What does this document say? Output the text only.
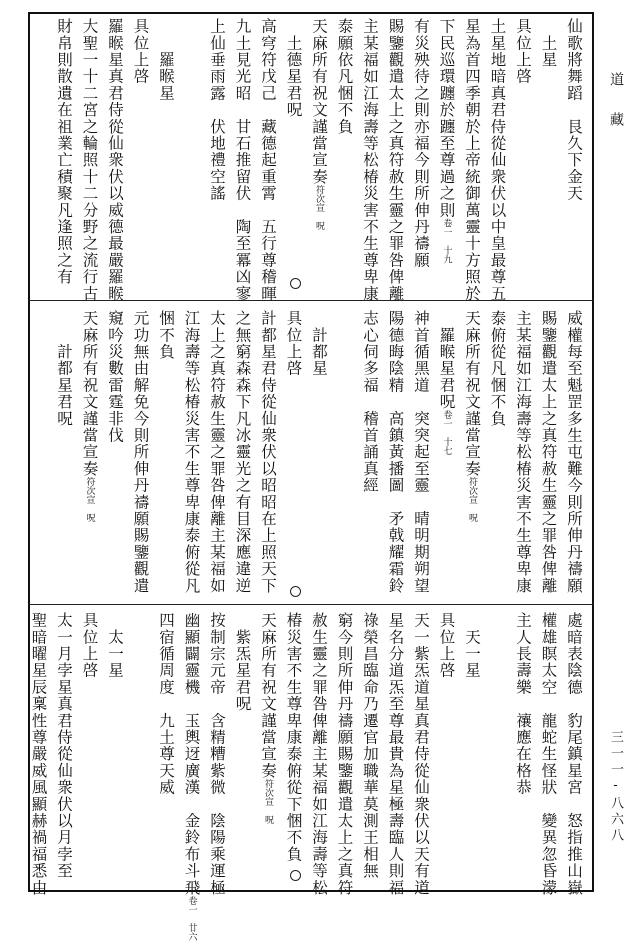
仙歌將舞蹈　艮久下金天
　土星
具位上啓
土星地暗真君侍從仙衆伏以中皇最尊五
星為首四季朝於上帝統御萬靈十方照於
下民巡環躔於躔至尊過之則卷一　十九
有災殃待之則亦福今則所伸丹禱願
賜鑒觀遣太上之真符赦生靈之罪咎俾離
主某福如江海壽等松椿災害不生尊卑康
泰願依凡悃不負
天麻所有祝文謹當宣奏符次宣　呪
　土德星君呪
高穹符戊己　藏德起重霄　五行尊稽暉
九土見光昭　甘石推留伏　陶至冪凶寥
上仙垂雨露　伏地禮空謠
　　羅睺星
具位上啓
羅睺星真君侍從仙衆伏以威德最嚴羅睺
大聖一十二宮之輪照十二分野之流行古
財帛則散遺在祖業亡積聚凡逢照之有
威權每至魁罡多生屯難今則所伸丹禱願
賜鑒觀遣太上之真符赦生靈之罪咎俾離
主某福如江海壽等松椿災害不生尊卑康
泰俯從凡悃不負
天麻所有祝文謹當宣奏符次宣　呪
　羅睺星君呪卷一　十七
神首循黑道　突突起至靈　晴明期朔望
陽德晦陰精　高鎮黃播圖　矛戟耀霜鈴
志心伺多福　稽首誦真經
　計都星
具位上啓
計都星君侍從仙衆伏以昭昭在上照天下
之無窮森森下凡冰靈光之有目深應違逆
太上之真符赦生靈之罪咎俾離主某福如
江海壽等松椿災害不生尊卑康泰俯從凡
悃不負
元功無由解免今則所伸丹禱願賜鑒觀遣
窺吟災數雷霆非伐
天麻所有祝文謹當宣奏符次宣　呪
　　計都星君呪
處暗表陰德　豹尾鎮星宮　怒指推山嶽
權雄瞑太空　龍蛇生怪狀　變異忽昏濛
主人長壽樂　禳應在格恭
　天一星
具位上啓
天一紫炁道星真君侍從仙衆伏以天有道
星名分道炁至尊最貴為星極壽臨人則福
祿榮昌臨命乃遷官加職華莫測王相無
窮今則所伸丹禱願賜鑒觀遣太上之真符
赦生靈之罪咎俾離主某福如江海壽等松
椿災害不生尊卑康泰俯從下悃不負
天麻所有祝文謹當宣奏符次宣　呪
　紫炁星君呪
按制宗元帝　含精糟紫微　陰陽乘運極
幽顯闢靈機　玉輿迓廣漢　金鈴布斗飛卷一　廿六
四宿循周度　九土尊天威
　太一星
具位上啓
太一月孛星真君侍從仙衆伏以月孛至
聖暗曜星辰稟性尊嚴威風顯赫禍福悉由
道　藏
三一一‐八六八
